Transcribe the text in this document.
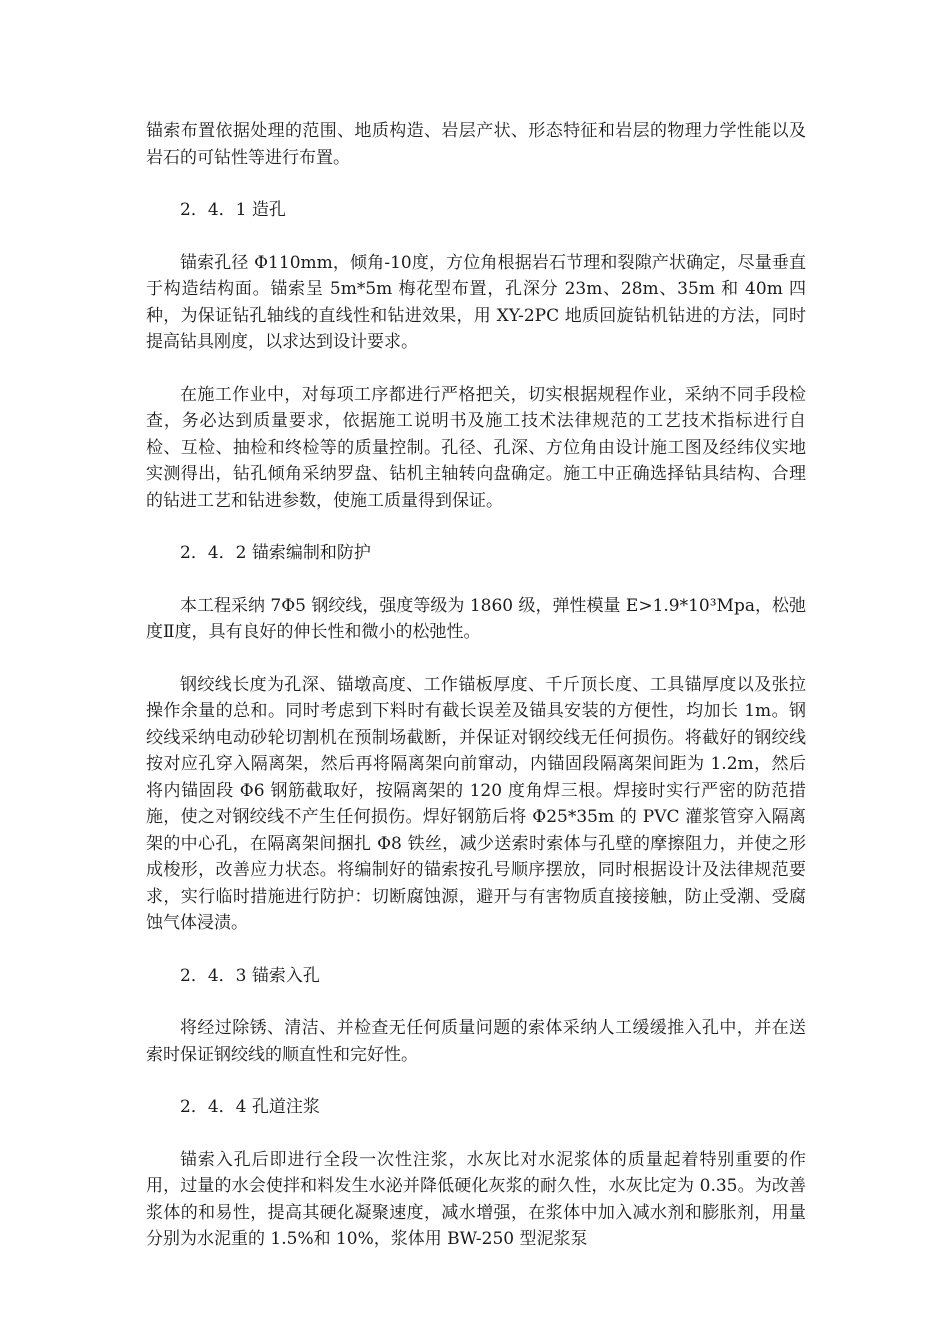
锚索布置依据处理的范围、地质构造、岩层产状、形态特征和岩层的物理力学性能以及岩石的可钻性等进行布置。

2．4．1 造孔

锚索孔径 Φ110mm，倾角-10度，方位角根据岩石节理和裂隙产状确定，尽量垂直于构造结构面。锚索呈 5m*5m 梅花型布置，孔深分 23m、28m、35m 和 40m 四种，为保证钻孔轴线的直线性和钻进效果，用 XY-2PC 地质回旋钻机钻进的方法，同时提高钻具刚度，以求达到设计要求。

在施工作业中，对每项工序都进行严格把关，切实根据规程作业，采纳不同手段检查，务必达到质量要求，依据施工说明书及施工技术法律规范的工艺技术指标进行自检、互检、抽检和终检等的质量控制。孔径、孔深、方位角由设计施工图及经纬仪实地实测得出，钻孔倾角采纳罗盘、钻机主轴转向盘确定。施工中正确选择钻具结构、合理的钻进工艺和钻进参数，使施工质量得到保证。

2．4．2 锚索编制和防护

本工程采纳 7Φ5 钢绞线，强度等级为 1860 级，弹性模量 E>1.9*10³Mpa，松弛度Ⅱ度，具有良好的伸长性和微小的松弛性。

钢绞线长度为孔深、锚墩高度、工作锚板厚度、千斤顶长度、工具锚厚度以及张拉操作余量的总和。同时考虑到下料时有截长误差及锚具安装的方便性，均加长 1m。钢绞线采纳电动砂轮切割机在预制场截断，并保证对钢绞线无任何损伤。将截好的钢绞线按对应孔穿入隔离架，然后再将隔离架向前窜动，内锚固段隔离架间距为 1.2m，然后将内锚固段 Φ6 钢筋截取好，按隔离架的 120 度角焊三根。焊接时实行严密的防范措施，使之对钢绞线不产生任何损伤。焊好钢筋后将 Φ25*35m 的 PVC 灌浆管穿入隔离架的中心孔，在隔离架间捆扎 Φ8 铁丝，减少送索时索体与孔壁的摩擦阻力，并使之形成梭形，改善应力状态。将编制好的锚索按孔号顺序摆放，同时根据设计及法律规范要求，实行临时措施进行防护：切断腐蚀源，避开与有害物质直接接触，防止受潮、受腐蚀气体浸渍。

2．4．3 锚索入孔

将经过除锈、清洁、并检查无任何质量问题的索体采纳人工缓缓推入孔中，并在送索时保证钢绞线的顺直性和完好性。

2．4．4 孔道注浆

锚索入孔后即进行全段一次性注浆，水灰比对水泥浆体的质量起着特别重要的作用，过量的水会使拌和料发生水泌并降低硬化灰浆的耐久性，水灰比定为 0.35。为改善浆体的和易性，提高其硬化凝聚速度，减水增强，在浆体中加入减水剂和膨胀剂，用量分别为水泥重的 1.5%和 10%，浆体用 BW-250 型泥浆泵
